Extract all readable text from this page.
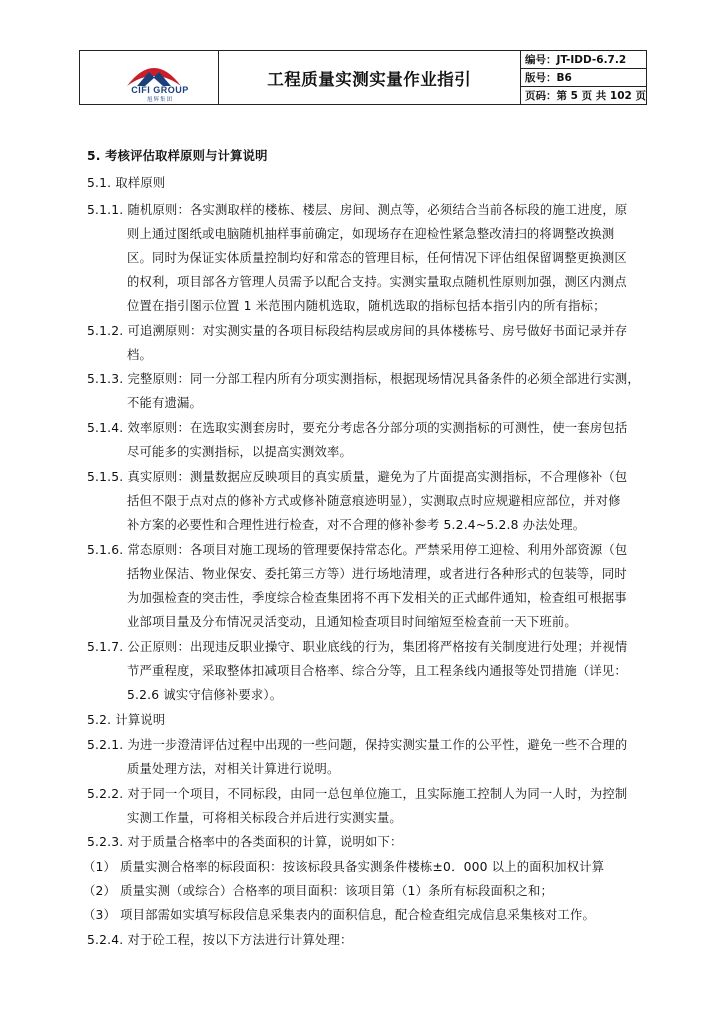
CIFI GROUP
旭辉集团
工程质量实测实量作业指引
编号：JT-IDD-6.7.2
版号：B6
页码：第 5 页 共 102 页
5. 考核评估取样原则与计算说明
5.1. 取样原则
5.1.1. 随机原则：各实测取样的楼栋、楼层、房间、测点等，必须结合当前各标段的施工进度，原
则上通过图纸或电脑随机抽样事前确定，如现场存在迎检性紧急整改清扫的将调整改换测
区。同时为保证实体质量控制均好和常态的管理目标，任何情况下评估组保留调整更换测区
的权利，项目部各方管理人员需予以配合支持。实测实量取点随机性原则加强，测区内测点
位置在指引图示位置 1 米范围内随机选取，随机选取的指标包括本指引内的所有指标；
5.1.2. 可追溯原则：对实测实量的各项目标段结构层或房间的具体楼栋号、房号做好书面记录并存
档。
5.1.3. 完整原则：同一分部工程内所有分项实测指标，根据现场情况具备条件的必须全部进行实测，
不能有遗漏。
5.1.4. 效率原则：在选取实测套房时，要充分考虑各分部分项的实测指标的可测性，使一套房包括
尽可能多的实测指标，以提高实测效率。
5.1.5. 真实原则：测量数据应反映项目的真实质量，避免为了片面提高实测指标，不合理修补（包
括但不限于点对点的修补方式或修补随意痕迹明显），实测取点时应规避相应部位，并对修
补方案的必要性和合理性进行检查，对不合理的修补参考 5.2.4~5.2.8 办法处理。
5.1.6. 常态原则：各项目对施工现场的管理要保持常态化。严禁采用停工迎检、利用外部资源（包
括物业保洁、物业保安、委托第三方等）进行场地清理，或者进行各种形式的包装等，同时
为加强检查的突击性，季度综合检查集团将不再下发相关的正式邮件通知，检查组可根据事
业部项目量及分布情况灵活变动，且通知检查项目时间缩短至检查前一天下班前。
5.1.7. 公正原则：出现违反职业操守、职业底线的行为，集团将严格按有关制度进行处理；并视情
节严重程度，采取整体扣减项目合格率、综合分等，且工程条线内通报等处罚措施（详见：
5.2.6 诚实守信修补要求）。
5.2. 计算说明
5.2.1. 为进一步澄清评估过程中出现的一些问题，保持实测实量工作的公平性，避免一些不合理的
质量处理方法，对相关计算进行说明。
5.2.2. 对于同一个项目，不同标段，由同一总包单位施工，且实际施工控制人为同一人时，为控制
实测工作量，可将相关标段合并后进行实测实量。
5.2.3. 对于质量合格率中的各类面积的计算，说明如下：
（1） 质量实测合格率的标段面积：按该标段具备实测条件楼栋±0．000 以上的面积加权计算
（2） 质量实测（或综合）合格率的项目面积：该项目第（1）条所有标段面积之和；
（3） 项目部需如实填写标段信息采集表内的面积信息，配合检查组完成信息采集核对工作。
5.2.4. 对于砼工程，按以下方法进行计算处理：
